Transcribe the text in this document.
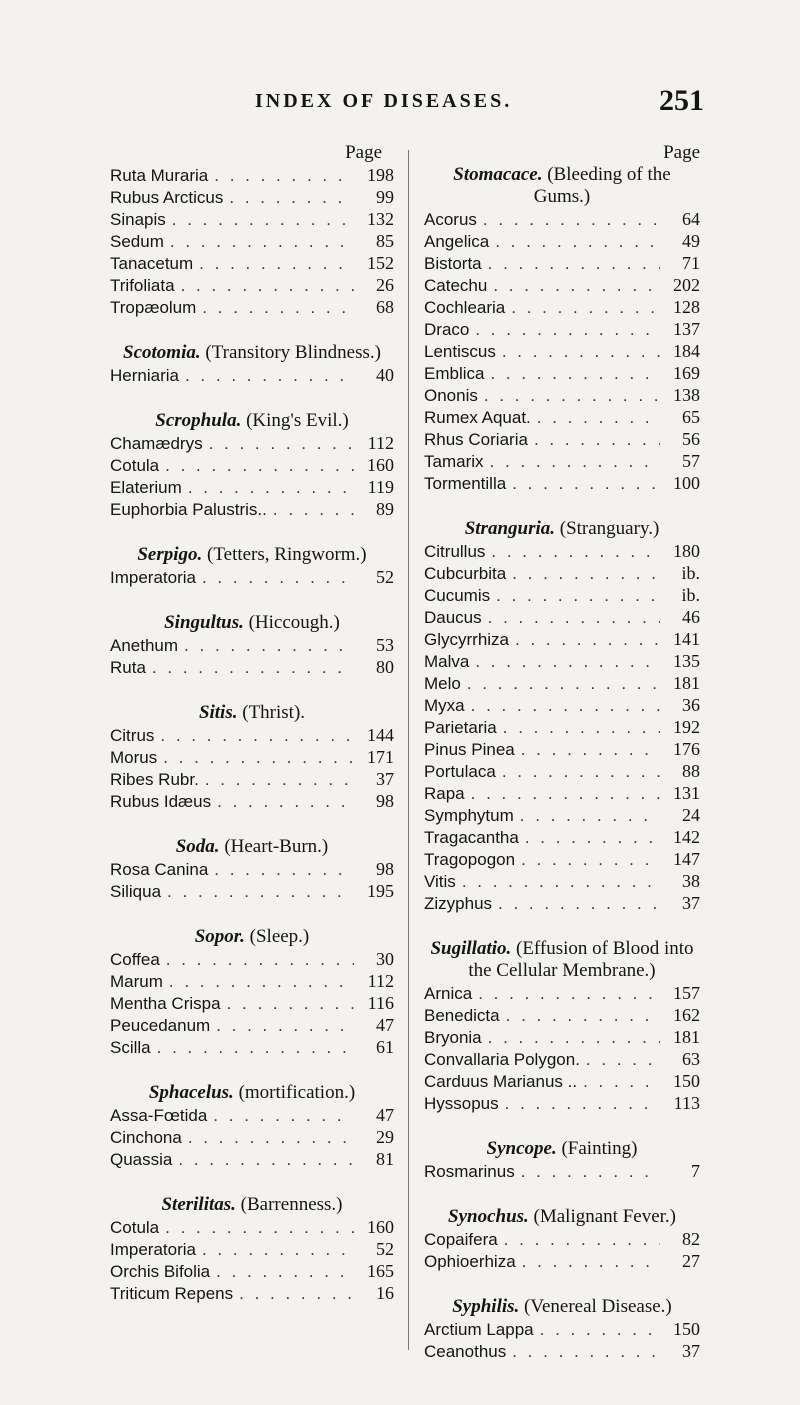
INDEX OF DISEASES.	251
Page
Ruta Muraria . . .	198
Rubus Arcticus . . .	99
Sinapis . . .	132
Sedum . . .	85
Tanacetum . . .	152
Trifoliata . . .	26
Tropæolum . . .	68
Scotomia. (Transitory Blindness.)
Herniaria . . .	40
Scrophula. (King's Evil.)
Chamædrys . . .	112
Cotula . . .	160
Elaterium . . .	119
Euphorbia Palustris.. . . .	89
Serpigo. (Tetters, Ringworm.)
Imperatoria . . .	52
Singultus. (Hiccough.)
Anethum . . .	53
Ruta . . .	80
Sitis. (Thrist).
Citrus . . .	144
Morus . . .	171
Ribes Rubr. . . .	37
Rubus Idæus . . .	98
Soda. (Heart-Burn.)
Rosa Canina . . .	98
Siliqua . . .	195
Sopor. (Sleep.)
Coffea . . .	30
Marum . . .	112
Mentha Crispa . . .	116
Peucedanum . . .	47
Scilla . . .	61
Sphacelus. (mortification.)
Assa-Fœtida . . .	47
Cinchona . . .	29
Quassia . . .	81
Sterilitas. (Barrenness.)
Cotula . . .	160
Imperatoria . . .	52
Orchis Bifolia . . .	165
Triticum Repens . . .	16
Page
Stomacace. (Bleeding of the Gums.)
Acorus . . .	64
Angelica . . .	49
Bistorta . . .	71
Catechu . . .	202
Cochlearia . . .	128
Draco . . .	137
Lentiscus . . .	184
Emblica . . .	169
Ononis . . .	138
Rumex Aquat. . . .	65
Rhus Coriaria . . .	56
Tamarix . . .	57
Tormentilla . . .	100
Stranguria. (Stranguary.)
Citrullus . . .	180
Cubcurbita . . .	ib.
Cucumis . . .	ib.
Daucus . . .	46
Glycyrrhiza . . .	141
Malva . . .	135
Melo . . .	181
Myxa . . .	36
Parietaria . . .	192
Pinus Pinea . . .	176
Portulaca . . .	88
Rapa . . .	131
Symphytum . . .	24
Tragacantha . . .	142
Tragopogon . . .	147
Vitis . . .	38
Zizyphus . . .	37
Sugillatio. (Effusion of Blood into the Cellular Membrane.)
Arnica . . .	157
Benedicta . . .	162
Bryonia . . .	181
Convallaria Polygon. . . .	63
Carduus Marianus .. . . .	150
Hyssopus . . .	113
Syncope. (Fainting)
Rosmarinus . . .	7
Synochus. (Malignant Fever.)
Copaifera . . .	82
Ophioerhiza . . .	27
Syphilis. (Venereal Disease.)
Arctium Lappa . . .	150
Ceanothus . . .	37
